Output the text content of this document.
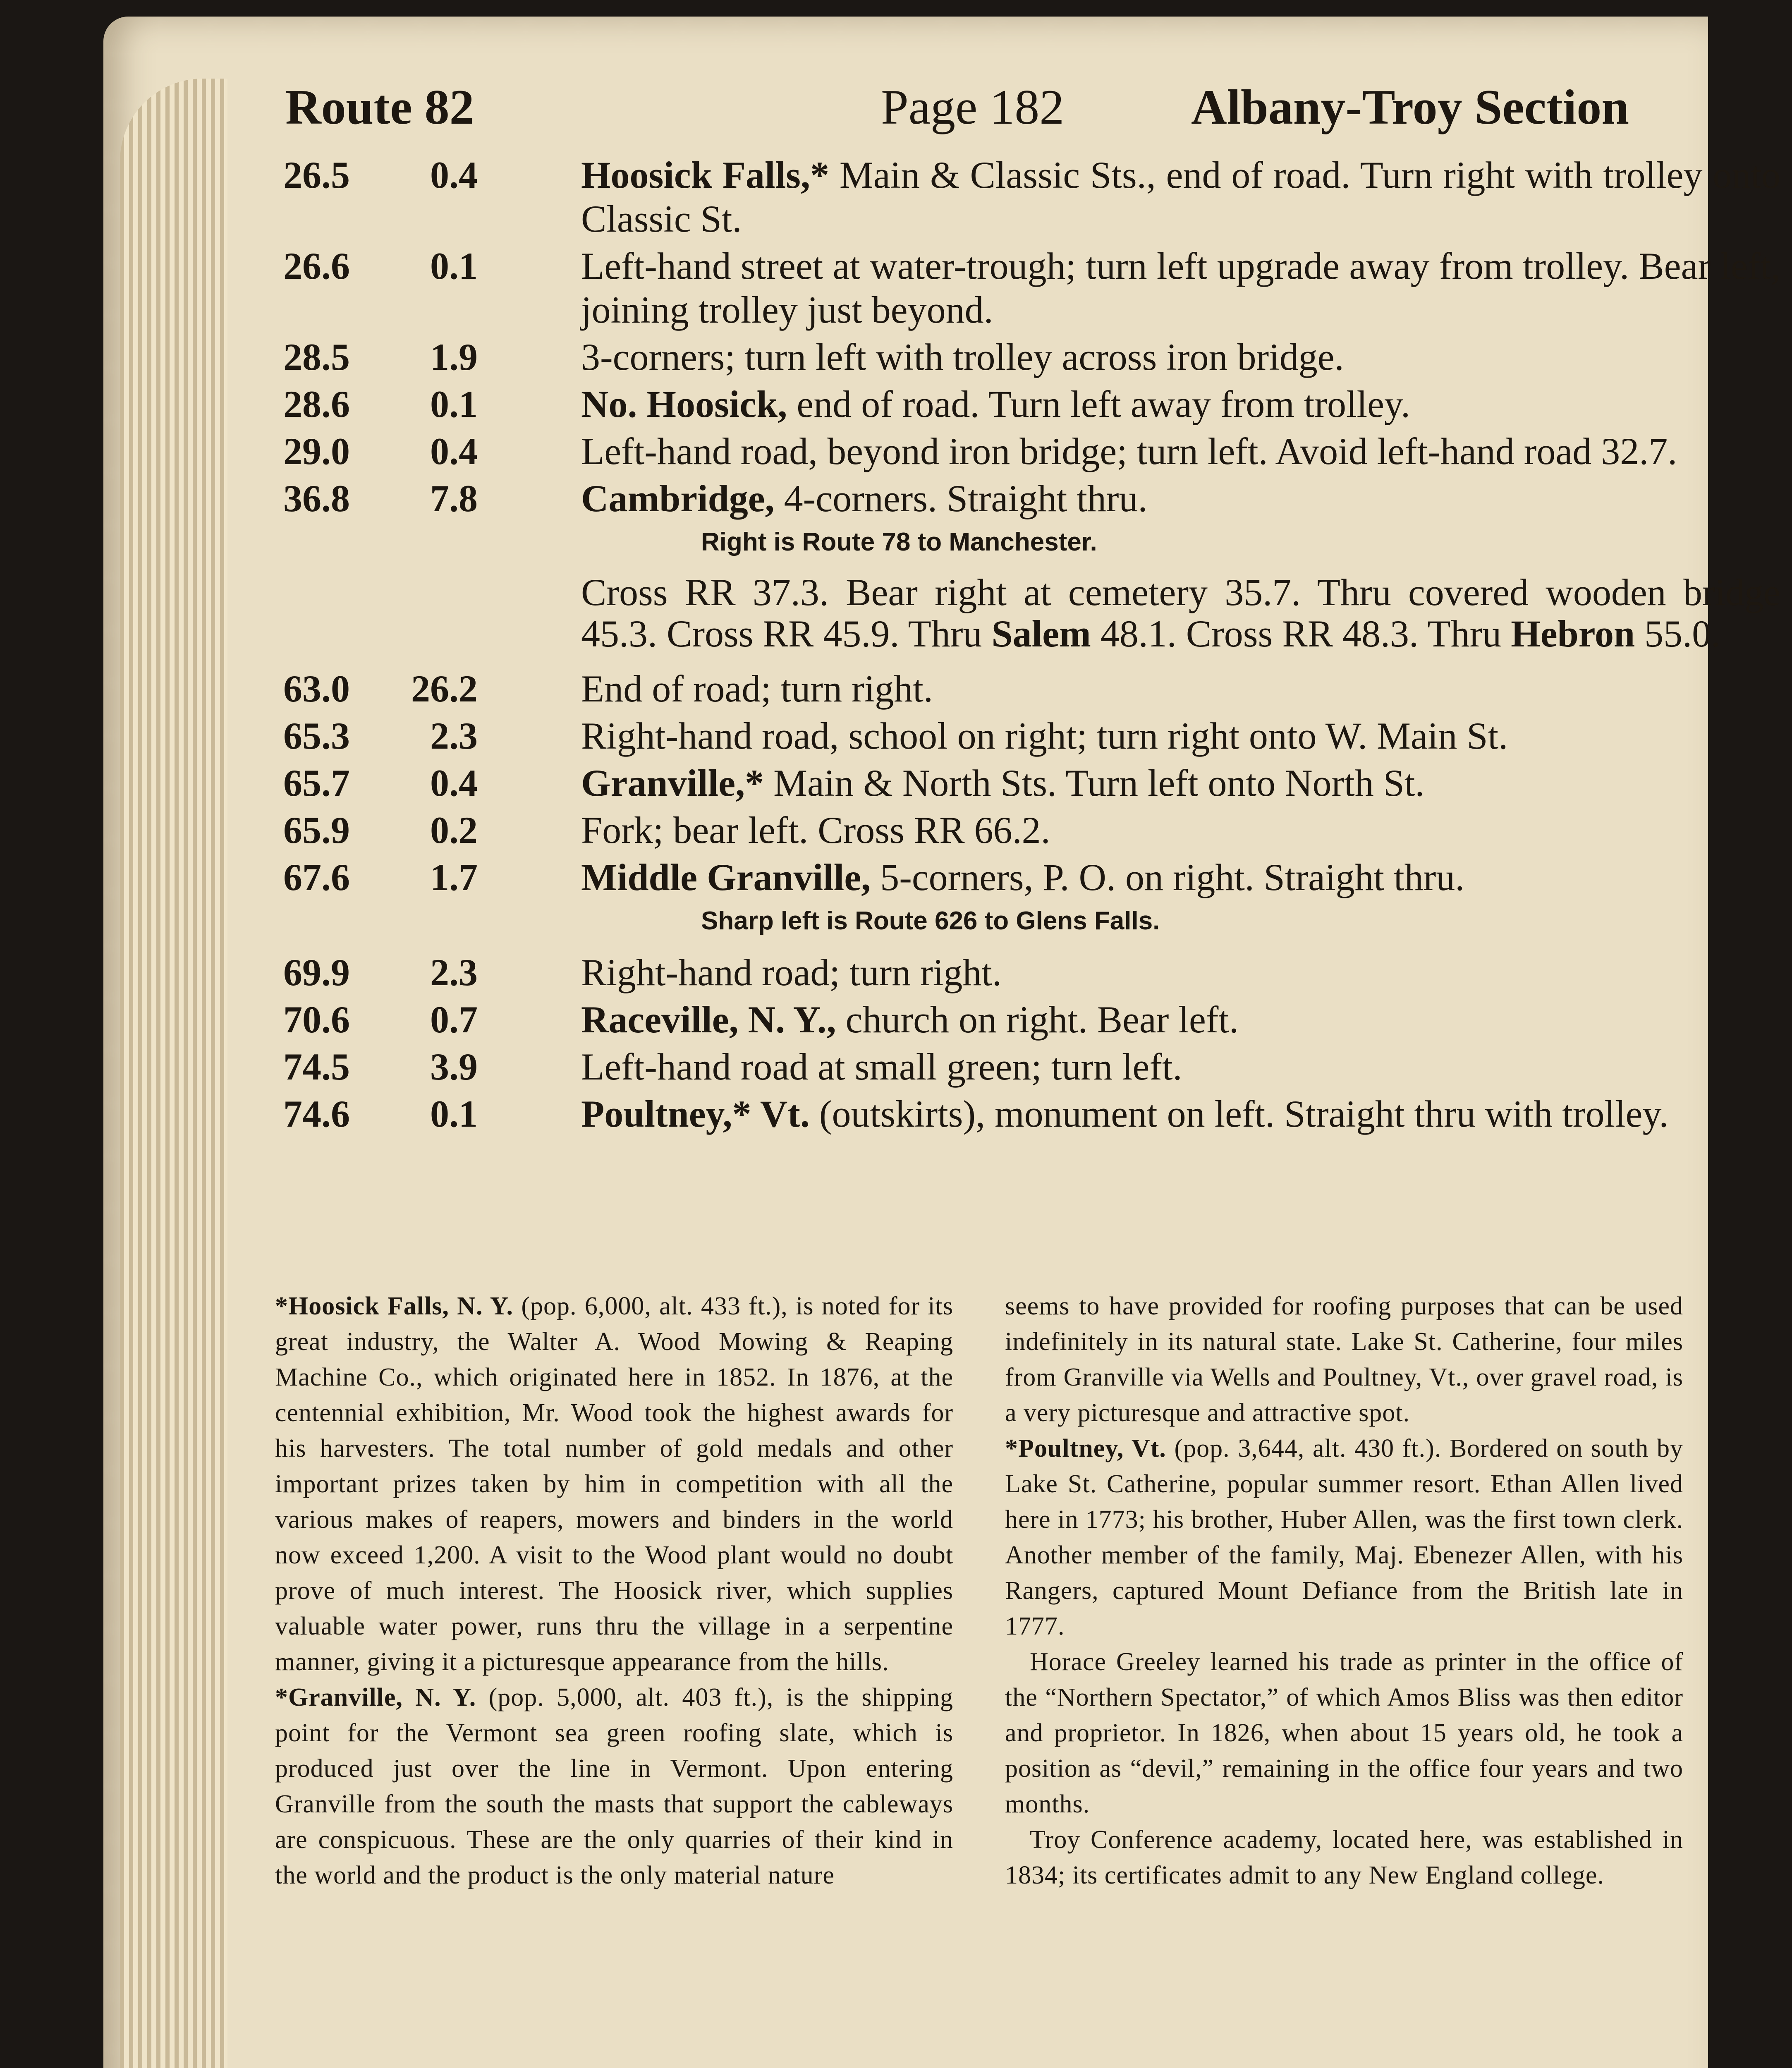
Route 82	Page 182	Albany-Troy Section
26.5	0.4	Hoosick Falls,* Main & Classic Sts., end of road. Turn right with trolley onto Classic St.
26.6	0.1	Left-hand street at water-trough; turn left upgrade away from trolley. Bear left, joining trolley just beyond.
28.5	1.9	3-corners; turn left with trolley across iron bridge.
28.6	0.1	No. Hoosick, end of road. Turn left away from trolley.
29.0	0.4	Left-hand road, beyond iron bridge; turn left. Avoid left-hand road 32.7.
36.8	7.8	Cambridge, 4-corners. Straight thru.
Right is Route 78 to Manchester.
Cross RR 37.3. Bear right at cemetery 35.7. Thru covered wooden bridge 45.3. Cross RR 45.9. Thru Salem 48.1. Cross RR 48.3. Thru Hebron 55.0.
63.0	26.2	End of road; turn right.
65.3	2.3	Right-hand road, school on right; turn right onto W. Main St.
65.7	0.4	Granville,* Main & North Sts. Turn left onto North St.
65.9	0.2	Fork; bear left. Cross RR 66.2.
67.6	1.7	Middle Granville, 5-corners, P. O. on right. Straight thru.
Sharp left is Route 626 to Glens Falls.
69.9	2.3	Right-hand road; turn right.
70.6	0.7	Raceville, N. Y., church on right. Bear left.
74.5	3.9	Left-hand road at small green; turn left.
74.6	0.1	Poultney,* Vt. (outskirts), monument on left. Straight thru with trolley.

*Hoosick Falls, N. Y. (pop. 6,000, alt. 433 ft.), is noted for its great industry, the Walter A. Wood Mowing & Reaping Machine Co., which originated here in 1852. In 1876, at the centennial exhibition, Mr. Wood took the highest awards for his harvesters. The total number of gold medals and other important prizes taken by him in competition with all the various makes of reapers, mowers and binders in the world now exceed 1,200. A visit to the Wood plant would no doubt prove of much interest. The Hoosick river, which supplies valuable water power, runs thru the village in a serpentine manner, giving it a picturesque appearance from the hills.

*Granville, N. Y. (pop. 5,000, alt. 403 ft.), is the shipping point for the Vermont sea green roofing slate, which is produced just over the line in Vermont. Upon entering Granville from the south the masts that support the cableways are conspicuous. These are the only quarries of their kind in the world and the product is the only material nature

seems to have provided for roofing purposes that can be used indefinitely in its natural state. Lake St. Catherine, four miles from Granville via Wells and Poultney, Vt., over gravel road, is a very picturesque and attractive spot.

*Poultney, Vt. (pop. 3,644, alt. 430 ft.). Bordered on south by Lake St. Catherine, popular summer resort. Ethan Allen lived here in 1773; his brother, Huber Allen, was the first town clerk. Another member of the family, Maj. Ebenezer Allen, with his Rangers, captured Mount Defiance from the British late in 1777.

Horace Greeley learned his trade as printer in the office of the “Northern Spectator,” of which Amos Bliss was then editor and proprietor. In 1826, when about 15 years old, he took a position as “devil,” remaining in the office four years and two months.

Troy Conference academy, located here, was established in 1834; its certificates admit to any New England college.
